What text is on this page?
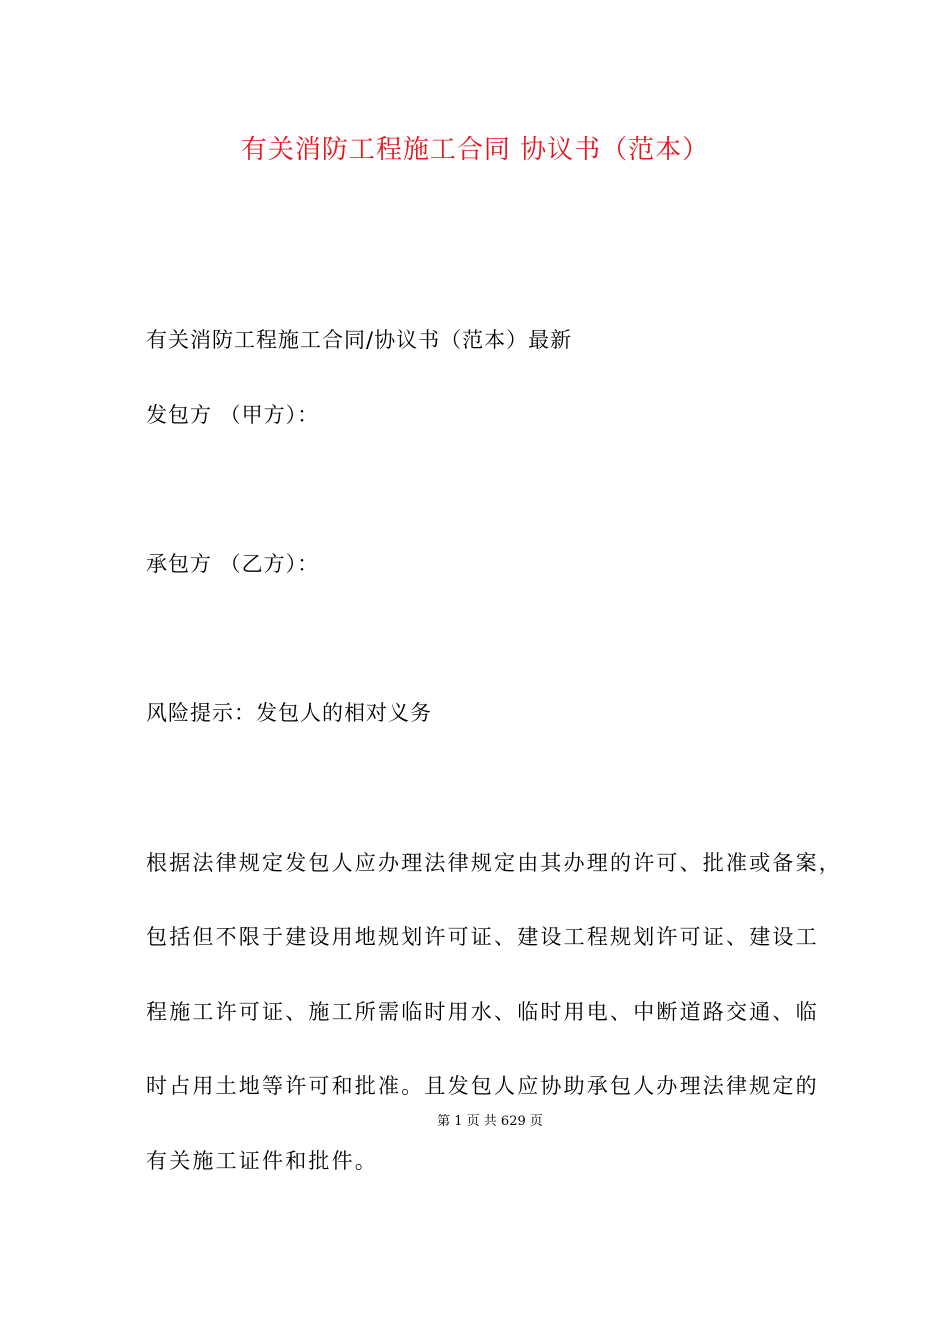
有关消防工程施工合同 协议书（范本）
有关消防工程施工合同/协议书（范本）最新
发包方 （甲方）：
承包方 （乙方）：
风险提示：发包人的相对义务
根据法律规定发包人应办理法律规定由其办理的许可、批准或备案，
包括但不限于建设用地规划许可证、建设工程规划许可证、建设工
程施工许可证、施工所需临时用水、临时用电、中断道路交通、临
时占用土地等许可和批准。且发包人应协助承包人办理法律规定的
第 1 页 共 629 页
有关施工证件和批件。
